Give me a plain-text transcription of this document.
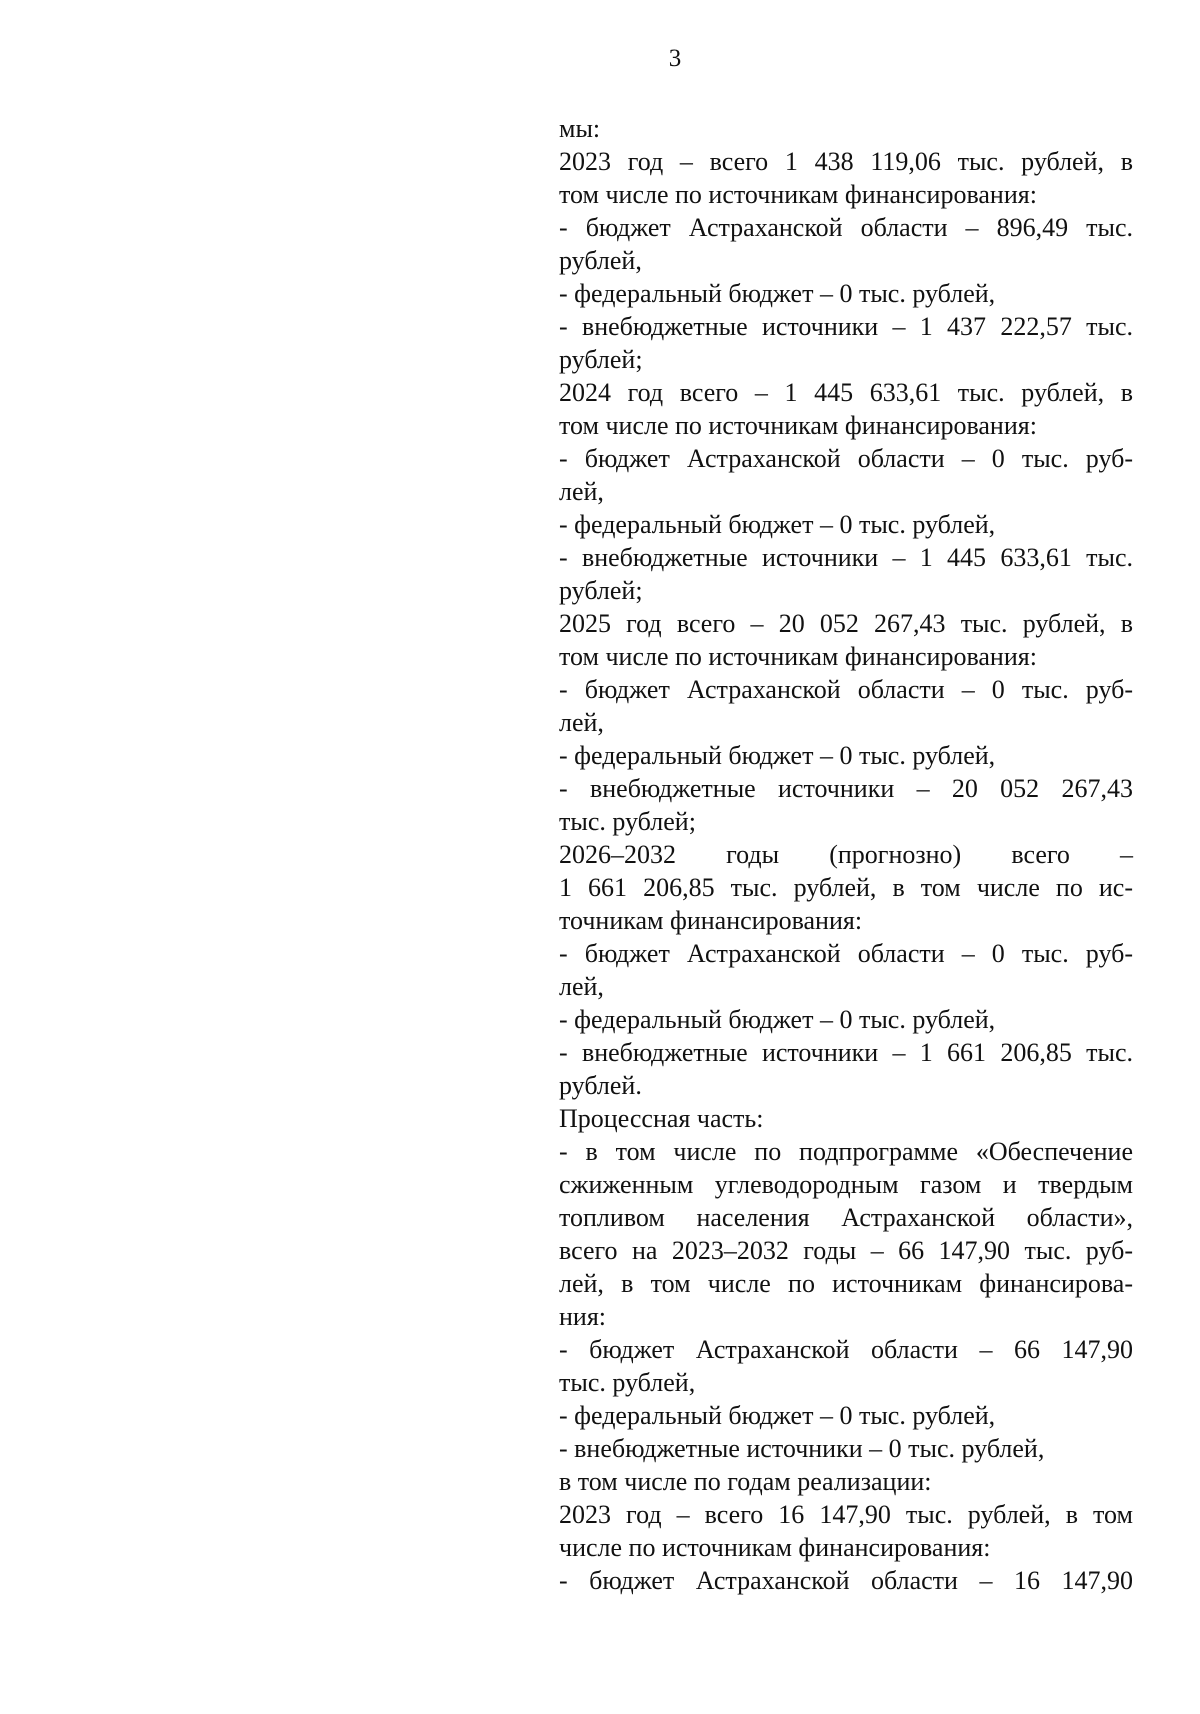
3
мы:
2023 год – всего 1 438 119,06 тыс. рублей, в
том числе по источникам финансирования:
- бюджет Астраханской области – 896,49 тыс.
рублей,
- федеральный бюджет – 0 тыс. рублей,
- внебюджетные источники – 1 437 222,57 тыс.
рублей;
2024 год всего – 1 445 633,61 тыс. рублей, в
том числе по источникам финансирования:
- бюджет Астраханской области – 0 тыс. руб-
лей,
- федеральный бюджет – 0 тыс. рублей,
- внебюджетные источники – 1 445 633,61 тыс.
рублей;
2025 год всего – 20 052 267,43 тыс. рублей, в
том числе по источникам финансирования:
- бюджет Астраханской области – 0 тыс. руб-
лей,
- федеральный бюджет – 0 тыс. рублей,
- внебюджетные источники – 20 052 267,43
тыс. рублей;
2026–2032 годы (прогнозно) всего –
1 661 206,85 тыс. рублей, в том числе по ис-
точникам финансирования:
- бюджет Астраханской области – 0 тыс. руб-
лей,
- федеральный бюджет – 0 тыс. рублей,
- внебюджетные источники – 1 661 206,85 тыс.
рублей.
Процессная часть:
- в том числе по подпрограмме «Обеспечение
сжиженным углеводородным газом и твердым
топливом населения Астраханской области»,
всего на 2023–2032 годы – 66 147,90 тыс. руб-
лей, в том числе по источникам финансирова-
ния:
- бюджет Астраханской области – 66 147,90
тыс. рублей,
- федеральный бюджет – 0 тыс. рублей,
- внебюджетные источники – 0 тыс. рублей,
в том числе по годам реализации:
2023 год – всего 16 147,90 тыс. рублей, в том
числе по источникам финансирования:
- бюджет Астраханской области – 16 147,90
